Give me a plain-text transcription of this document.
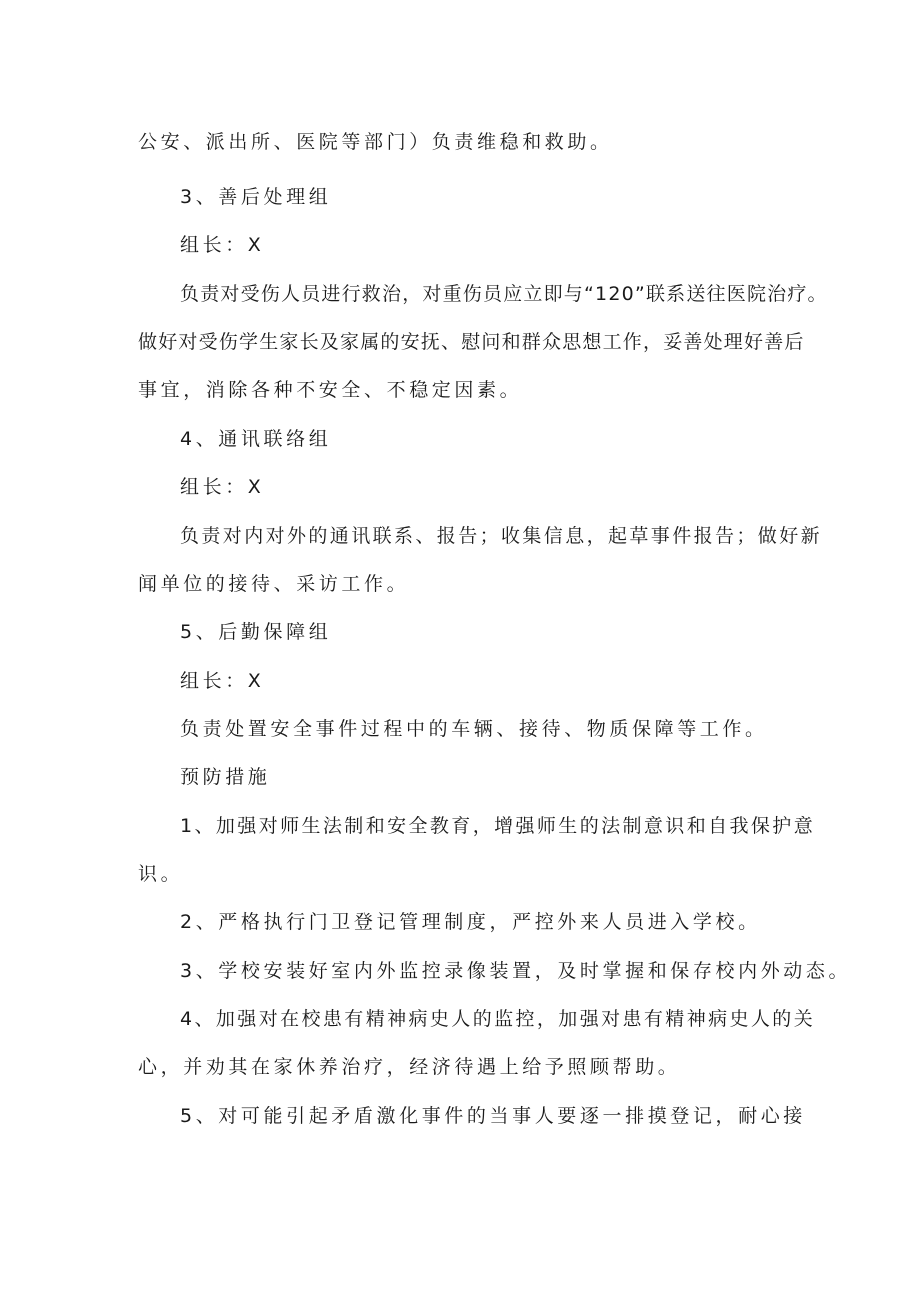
公安、派出所、医院等部门）负责维稳和救助。
3、善后处理组
组长：X
负责对受伤人员进行救治，对重伤员应立即与“120”联系送往医院治疗。
做好对受伤学生家长及家属的安抚、慰问和群众思想工作，妥善处理好善后
事宜，消除各种不安全、不稳定因素。
4、通讯联络组
组长：X
负责对内对外的通讯联系、报告；收集信息，起草事件报告；做好新
闻单位的接待、采访工作。
5、后勤保障组
组长：X
负责处置安全事件过程中的车辆、接待、物质保障等工作。
预防措施
1、加强对师生法制和安全教育，增强师生的法制意识和自我保护意
识。
2、严格执行门卫登记管理制度，严控外来人员进入学校。
3、学校安装好室内外监控录像装置，及时掌握和保存校内外动态。
4、加强对在校患有精神病史人的监控，加强对患有精神病史人的关
心，并劝其在家休养治疗，经济待遇上给予照顾帮助。
5、对可能引起矛盾激化事件的当事人要逐一排摸登记，耐心接
